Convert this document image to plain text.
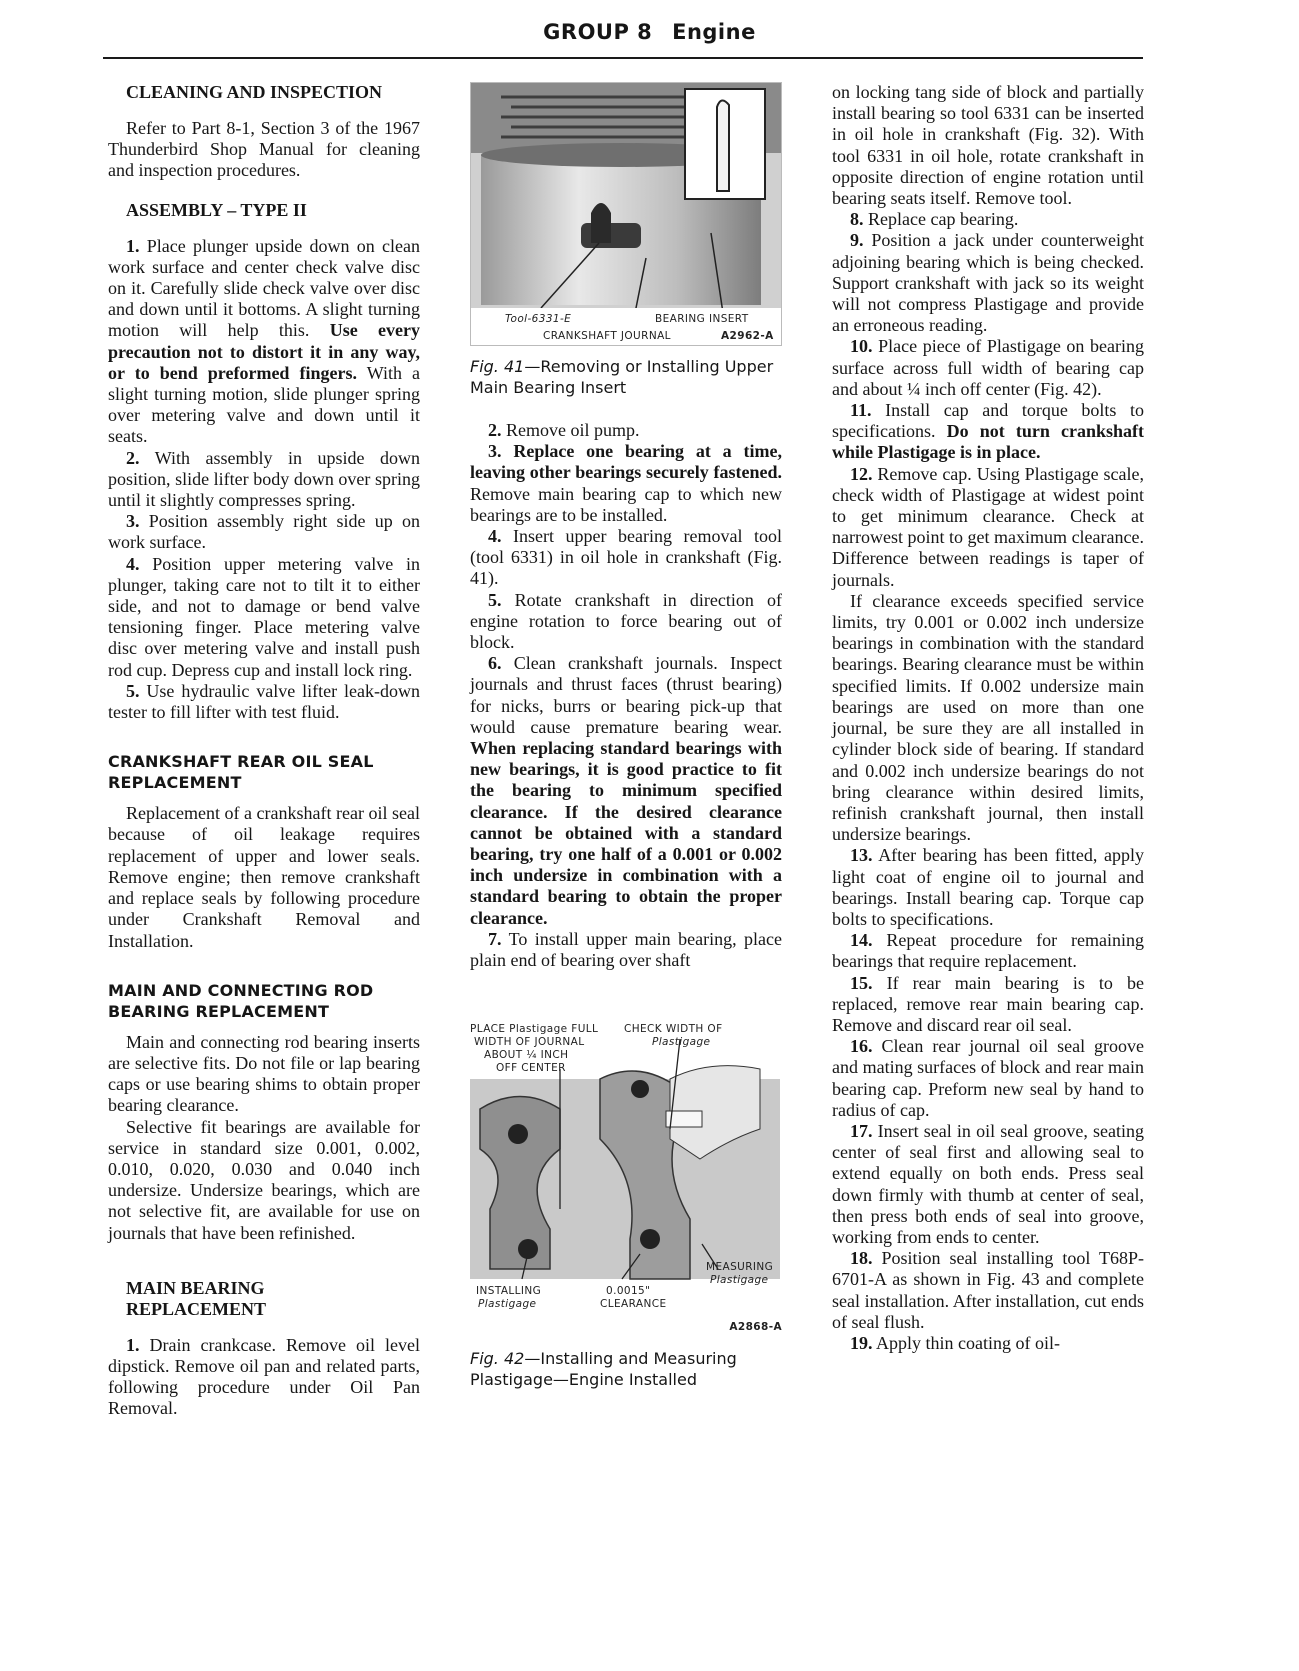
GROUP 8 Engine
CLEANING AND INSPECTION

Refer to Part 8-1, Section 3 of the 1967 Thunderbird Shop Manual for cleaning and inspection procedures.

ASSEMBLY – TYPE II

1. Place plunger upside down on clean work surface and center check valve disc on it. Carefully slide check valve over disc and down until it bottoms. A slight turning motion will help this. Use every precaution not to distort it in any way, or to bend preformed fingers. With a slight turning motion, slide plunger spring over metering valve and down until it seats.

2. With assembly in upside down position, slide lifter body down over spring until it slightly compresses spring.

3. Position assembly right side up on work surface.

4. Position upper metering valve in plunger, taking care not to tilt it to either side, and not to damage or bend valve tensioning finger. Place metering valve disc over metering valve and install push rod cup. Depress cup and install lock ring.

5. Use hydraulic valve lifter leak-down tester to fill lifter with test fluid.

CRANKSHAFT REAR OIL SEAL REPLACEMENT

Replacement of a crankshaft rear oil seal because of oil leakage requires replacement of upper and lower seals. Remove engine; then remove crankshaft and replace seals by following procedure under Crankshaft Removal and Installation.

MAIN AND CONNECTING ROD BEARING REPLACEMENT

Main and connecting rod bearing inserts are selective fits. Do not file or lap bearing caps or use bearing shims to obtain proper bearing clearance.

Selective fit bearings are available for service in standard size 0.001, 0.002, 0.010, 0.020, 0.030 and 0.040 inch undersize. Undersize bearings, which are not selective fit, are available for use on journals that have been refinished.

MAIN BEARING REPLACEMENT

1. Drain crankcase. Remove oil level dipstick. Remove oil pan and related parts, following procedure under Oil Pan Removal.

Tool-6331-E	BEARING INSERT
CRANKSHAFT JOURNAL	A2962-A
Fig. 41—Removing or Installing Upper Main Bearing Insert

2. Remove oil pump.

3. Replace one bearing at a time, leaving other bearings securely fastened. Remove main bearing cap to which new bearings are to be installed.

4. Insert upper bearing removal tool (tool 6331) in oil hole in crankshaft (Fig. 41).

5. Rotate crankshaft in direction of engine rotation to force bearing out of block.

6. Clean crankshaft journals. Inspect journals and thrust faces (thrust bearing) for nicks, burrs or bearing pick-up that would cause premature bearing wear. When replacing standard bearings with new bearings, it is good practice to fit the bearing to minimum specified clearance. If the desired clearance cannot be obtained with a standard bearing, try one half of a 0.001 or 0.002 inch undersize in combination with a standard bearing to obtain the proper clearance.

7. To install upper main bearing, place plain end of bearing over shaft

PLACE Plastigage FULL
WIDTH OF JOURNAL
ABOUT ¼ INCH
OFF CENTER
CHECK WIDTH OF
Plastigage
MEASURING
Plastigage
INSTALLING
Plastigage
0.0015"
CLEARANCE
A2868-A
Fig. 42—Installing and Measuring Plastigage—Engine Installed

on locking tang side of block and partially install bearing so tool 6331 can be inserted in oil hole in crankshaft (Fig. 32). With tool 6331 in oil hole, rotate crankshaft in opposite direction of engine rotation until bearing seats itself. Remove tool.

8. Replace cap bearing.

9. Position a jack under counterweight adjoining bearing which is being checked. Support crankshaft with jack so its weight will not compress Plastigage and provide an erroneous reading.

10. Place piece of Plastigage on bearing surface across full width of bearing cap and about ¼ inch off center (Fig. 42).

11. Install cap and torque bolts to specifications. Do not turn crankshaft while Plastigage is in place.

12. Remove cap. Using Plastigage scale, check width of Plastigage at widest point to get minimum clearance. Check at narrowest point to get maximum clearance. Difference between readings is taper of journals.

If clearance exceeds specified service limits, try 0.001 or 0.002 inch undersize bearings in combination with the standard bearings. Bearing clearance must be within specified limits. If 0.002 undersize main bearings are used on more than one journal, be sure they are all installed in cylinder block side of bearing. If standard and 0.002 inch undersize bearings do not bring clearance within desired limits, refinish crankshaft journal, then install undersize bearings.

13. After bearing has been fitted, apply light coat of engine oil to journal and bearings. Install bearing cap. Torque cap bolts to specifications.

14. Repeat procedure for remaining bearings that require replacement.

15. If rear main bearing is to be replaced, remove rear main bearing cap. Remove and discard rear oil seal.

16. Clean rear journal oil seal groove and mating surfaces of block and rear main bearing cap. Preform new seal by hand to radius of cap.

17. Insert seal in oil seal groove, seating center of seal first and allowing seal to extend equally on both ends. Press seal down firmly with thumb at center of seal, then press both ends of seal into groove, working from ends to center.

18. Position seal installing tool T68P-6701-A as shown in Fig. 43 and complete seal installation. After installation, cut ends of seal flush.

19. Apply thin coating of oil-
